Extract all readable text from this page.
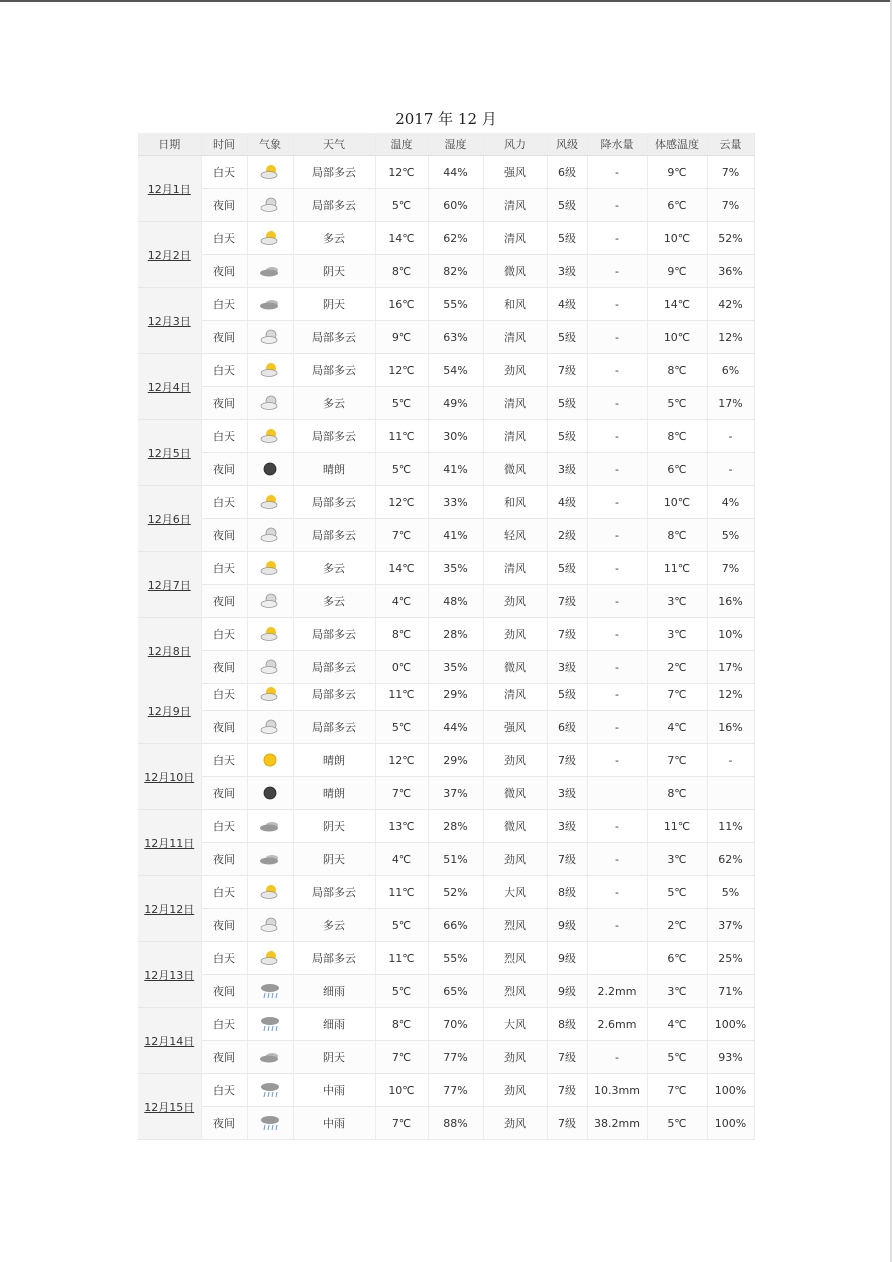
2017 年 12 月
日期	时间	气象	天气	温度	湿度	风力	风级	降水量	体感温度	云量
12月1日	白天		局部多云	12℃	44%	强风	6级	-	9℃	7%
	夜间		局部多云	5℃	60%	清风	5级	-	6℃	7%
12月2日	白天		多云	14℃	62%	清风	5级	-	10℃	52%
	夜间		阴天	8℃	82%	微风	3级	-	9℃	36%
12月3日	白天		阴天	16℃	55%	和风	4级	-	14℃	42%
	夜间		局部多云	9℃	63%	清风	5级	-	10℃	12%
12月4日	白天		局部多云	12℃	54%	劲风	7级	-	8℃	6%
	夜间		多云	5℃	49%	清风	5级	-	5℃	17%
12月5日	白天		局部多云	11℃	30%	清风	5级	-	8℃	-
	夜间		晴朗	5℃	41%	微风	3级	-	6℃	-
12月6日	白天		局部多云	12℃	33%	和风	4级	-	10℃	4%
	夜间		局部多云	7℃	41%	轻风	2级	-	8℃	5%
12月7日	白天		多云	14℃	35%	清风	5级	-	11℃	7%
	夜间		多云	4℃	48%	劲风	7级	-	3℃	16%
12月8日	白天		局部多云	8℃	28%	劲风	7级	-	3℃	10%
	夜间		局部多云	0℃	35%	微风	3级	-	2℃	17%
12月9日	白天		局部多云	11℃	29%	清风	5级	-	7℃	12%
	夜间		局部多云	5℃	44%	强风	6级	-	4℃	16%
12月10日	白天		晴朗	12℃	29%	劲风	7级	-	7℃	-
	夜间		晴朗	7℃	37%	微风	3级		8℃	
12月11日	白天		阴天	13℃	28%	微风	3级	-	11℃	11%
	夜间		阴天	4℃	51%	劲风	7级	-	3℃	62%
12月12日	白天		局部多云	11℃	52%	大风	8级	-	5℃	5%
	夜间		多云	5℃	66%	烈风	9级	-	2℃	37%
12月13日	白天		局部多云	11℃	55%	烈风	9级		6℃	25%
	夜间		细雨	5℃	65%	烈风	9级	2.2mm	3℃	71%
12月14日	白天		细雨	8℃	70%	大风	8级	2.6mm	4℃	100%
	夜间		阴天	7℃	77%	劲风	7级	-	5℃	93%
12月15日	白天		中雨	10℃	77%	劲风	7级	10.3mm	7℃	100%
	夜间		中雨	7℃	88%	劲风	7级	38.2mm	5℃	100%
